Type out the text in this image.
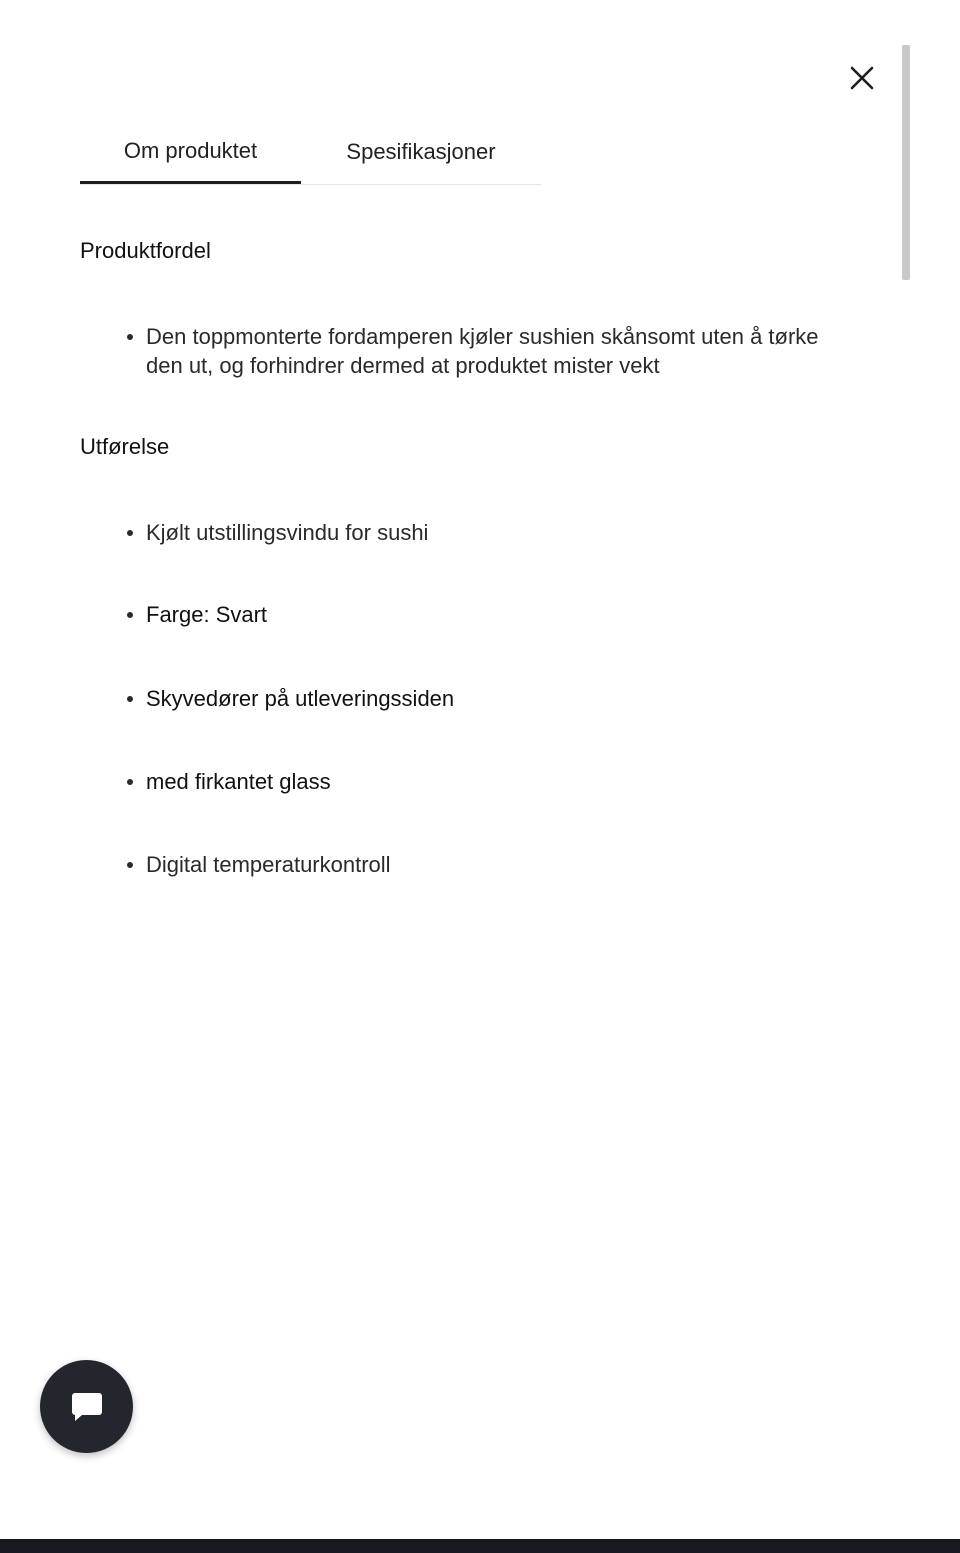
Om produktet	Spesifikasjoner
Produktfordel
Den toppmonterte fordamperen kjøler sushien skånsomt uten å tørke den ut, og forhindrer dermed at produktet mister vekt
Utførelse
Kjølt utstillingsvindu for sushi
Farge: Svart
Skyvedører på utleveringssiden
med firkantet glass
Digital temperaturkontroll
